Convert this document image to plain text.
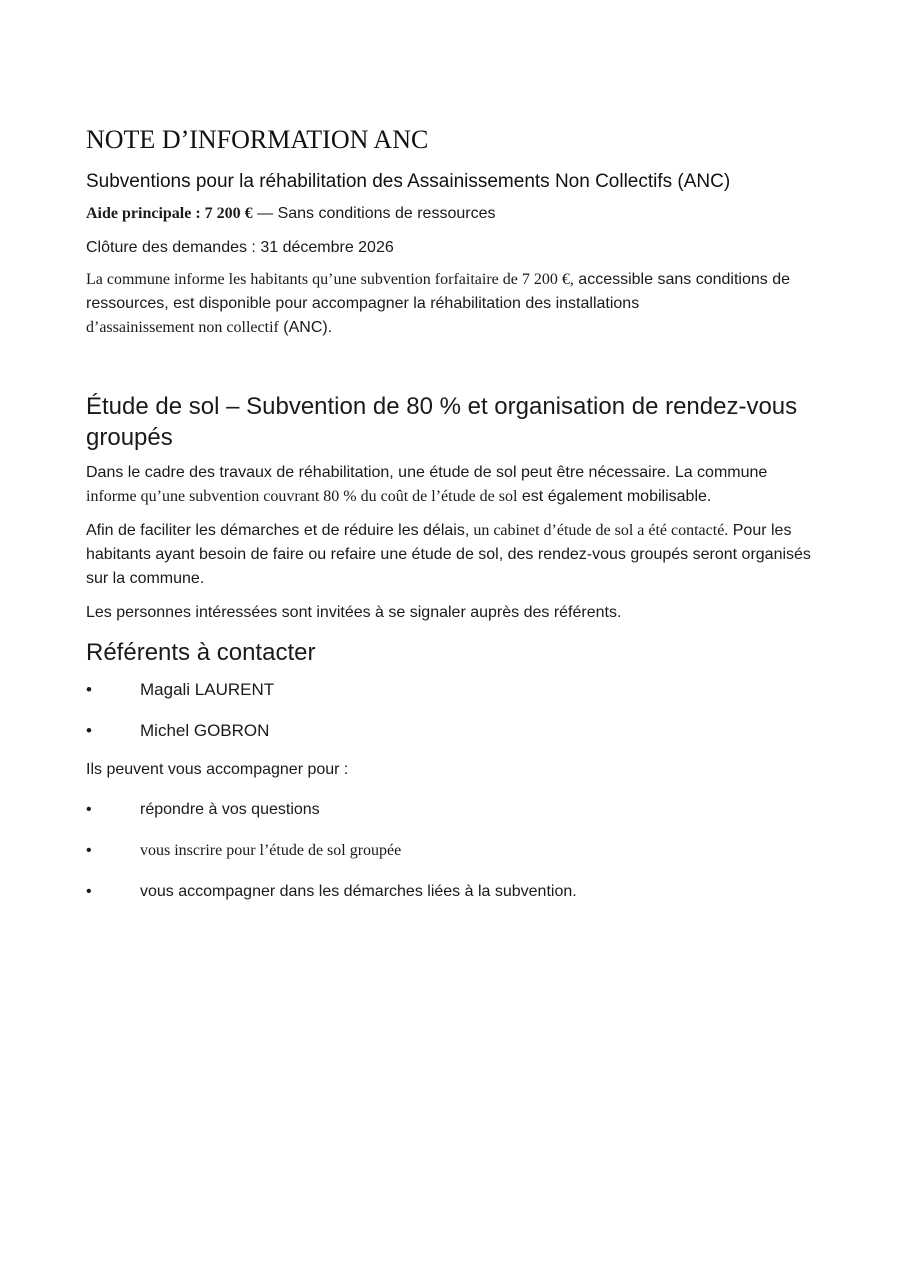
NOTE D’INFORMATION ANC
Subventions pour la réhabilitation des Assainissements Non Collectifs (ANC)
Aide principale : 7 200 € — Sans conditions de ressources
Clôture des demandes : 31 décembre 2026

La commune informe les habitants qu’une subvention forfaitaire de 7 200 €, accessible sans conditions de ressources, est disponible pour accompagner la réhabilitation des installations
d’assainissement non collectif (ANC).

Étude de sol – Subvention de 80 % et organisation de rendez-vous groupés

Dans le cadre des travaux de réhabilitation, une étude de sol peut être nécessaire. La commune informe qu’une subvention couvrant 80 % du coût de l’étude de sol est également mobilisable.

Afin de faciliter les démarches et de réduire les délais, un cabinet d’étude de sol a été contacté. Pour les habitants ayant besoin de faire ou refaire une étude de sol, des rendez-vous groupés seront organisés sur la commune.

Les personnes intéressées sont invitées à se signaler auprès des référents.

Référents à contacter
•	Magali LAURENT
•	Michel GOBRON
Ils peuvent vous accompagner pour :
•	répondre à vos questions
•	vous inscrire pour l’étude de sol groupée
•	vous accompagner dans les démarches liées à la subvention.
